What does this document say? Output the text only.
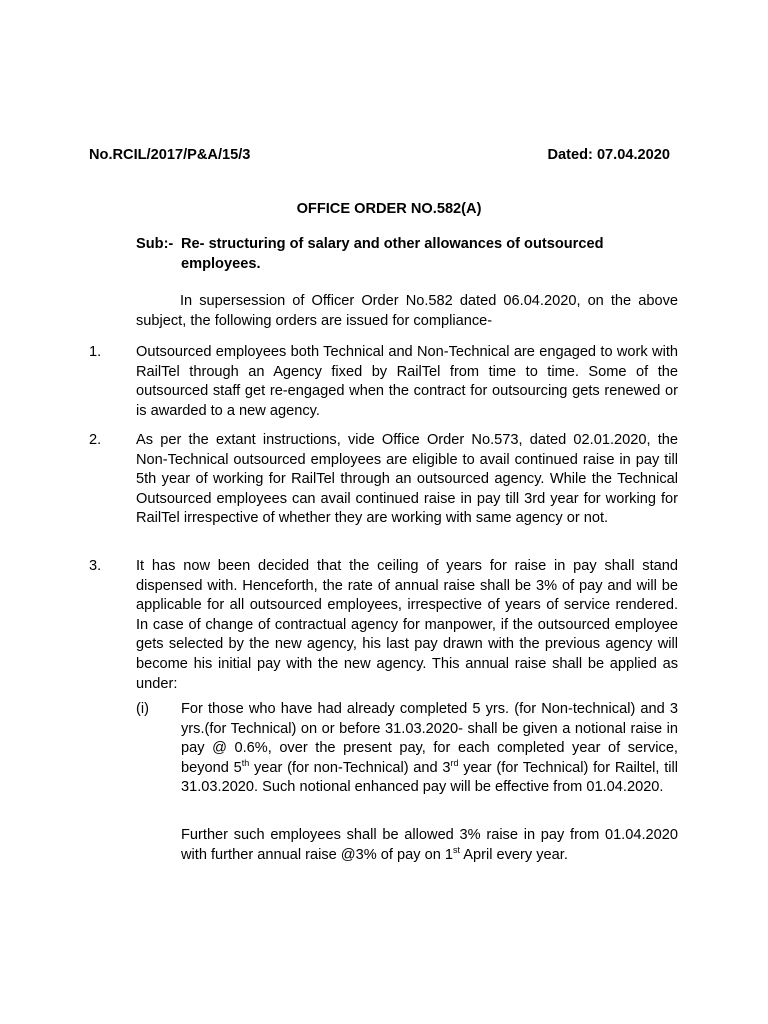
No.RCIL/2017/P&A/15/3	Dated: 07.04.2020
OFFICE ORDER NO.582(A)
Sub:- Re- structuring of salary and other allowances of outsourced employees.
In supersession of Officer Order No.582 dated 06.04.2020, on the above subject, the following orders are issued for compliance-
1. Outsourced employees both Technical and Non-Technical are engaged to work with RailTel through an Agency fixed by RailTel from time to time. Some of the outsourced staff get re-engaged when the contract for outsourcing gets renewed or is awarded to a new agency.
2. As per the extant instructions, vide Office Order No.573, dated 02.01.2020, the Non-Technical outsourced employees are eligible to avail continued raise in pay till 5th year of working for RailTel through an outsourced agency. While the Technical Outsourced employees can avail continued raise in pay till 3rd year for working for RailTel irrespective of whether they are working with same agency or not.
3. It has now been decided that the ceiling of years for raise in pay shall stand dispensed with. Henceforth, the rate of annual raise shall be 3% of pay and will be applicable for all outsourced employees, irrespective of years of service rendered. In case of change of contractual agency for manpower, if the outsourced employee gets selected by the new agency, his last pay drawn with the previous agency will become his initial pay with the new agency. This annual raise shall be applied as under:
(i) For those who have had already completed 5 yrs. (for Non-technical) and 3 yrs.(for Technical) on or before 31.03.2020- shall be given a notional raise in pay @ 0.6%, over the present pay, for each completed year of service, beyond 5th year (for non-Technical) and 3rd year (for Technical) for Railtel, till 31.03.2020. Such notional enhanced pay will be effective from 01.04.2020.
Further such employees shall be allowed 3% raise in pay from 01.04.2020 with further annual raise @3% of pay on 1st April every year.
